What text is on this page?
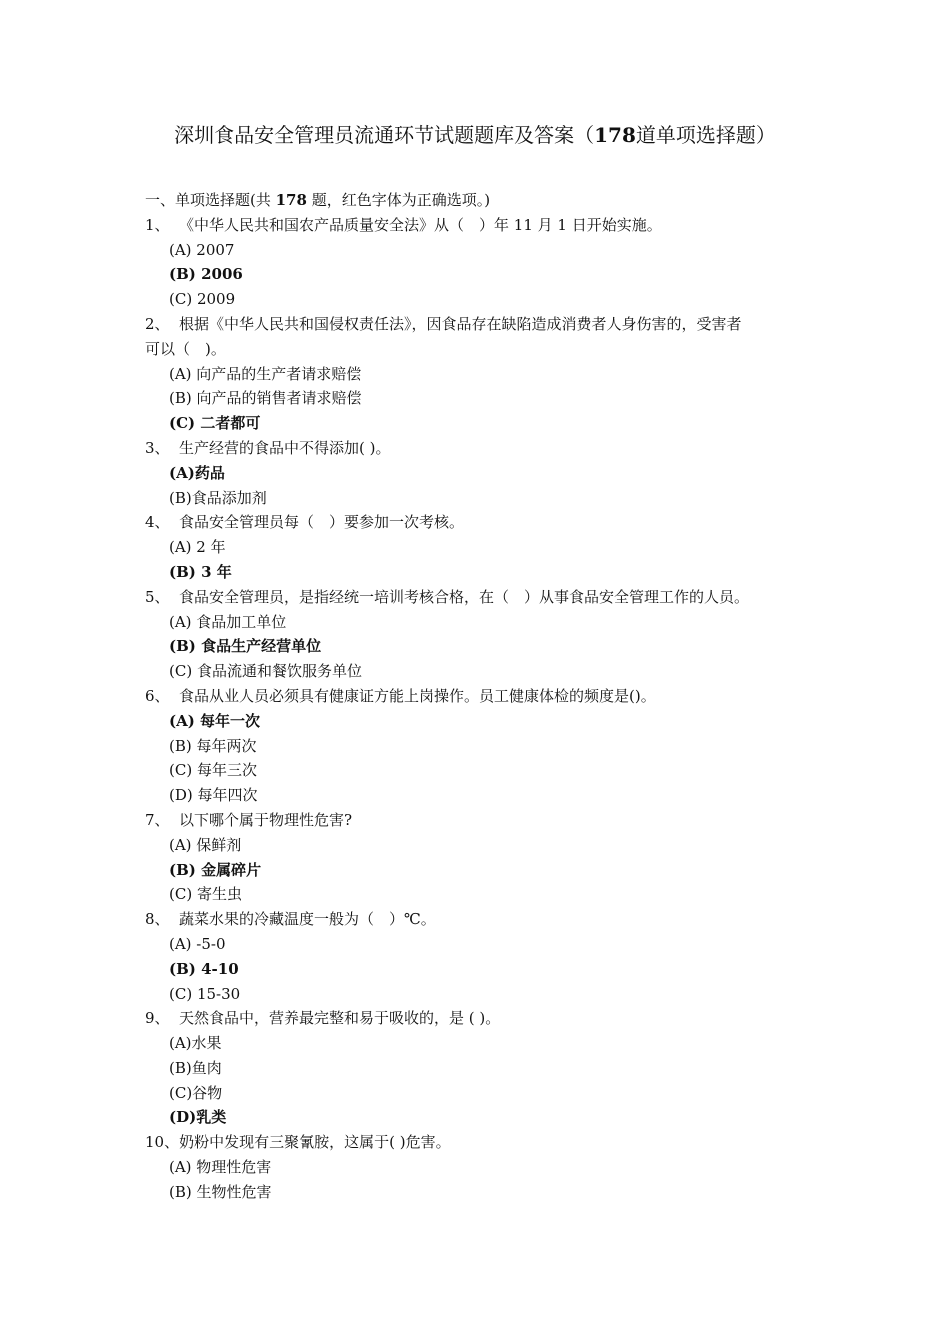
深圳食品安全管理员流通环节试题题库及答案（178道单项选择题）
一、单项选择题(共 178 题，红色字体为正确选项。)
1、 《中华人民共和国农产品质量安全法》从（　）年 11 月 1 日开始实施。
(A) 2007
(B) 2006
(C) 2009
2、 根据《中华人民共和国侵权责任法》，因食品存在缺陷造成消费者人身伤害的，受害者
可以（　)。
(A) 向产品的生产者请求赔偿
(B) 向产品的销售者请求赔偿
(C) 二者都可
3、 生产经营的食品中不得添加( )。
(A)药品
(B)食品添加剂
4、 食品安全管理员每（　）要参加一次考核。
(A) 2 年
(B) 3 年
5、 食品安全管理员，是指经统一培训考核合格，在（　）从事食品安全管理工作的人员。
(A) 食品加工单位
(B) 食品生产经营单位
(C) 食品流通和餐饮服务单位
6、 食品从业人员必须具有健康证方能上岗操作。员工健康体检的频度是()。
(A) 每年一次
(B) 每年两次
(C) 每年三次
(D) 每年四次
7、 以下哪个属于物理性危害?
(A) 保鲜剂
(B) 金属碎片
(C) 寄生虫
8、 蔬菜水果的冷藏温度一般为（　）℃。
(A) -5-0
(B) 4-10
(C) 15-30
9、 天然食品中，营养最完整和易于吸收的，是 ( )。
(A)水果
(B)鱼肉
(C)谷物
(D)乳类
10、奶粉中发现有三聚氰胺，这属于( )危害。
(A) 物理性危害
(B) 生物性危害
